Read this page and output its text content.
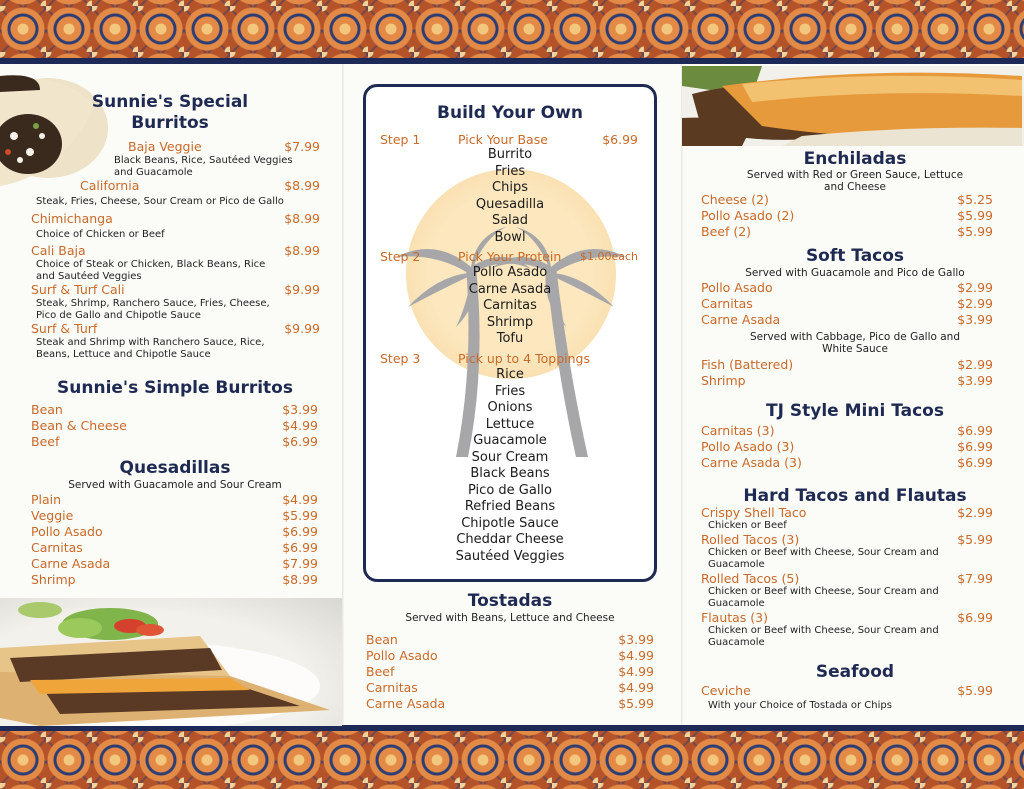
Sunnie's Special Burritos
Baja Veggie	$7.99
Black Beans, Rice, Sautéed Veggies and Guacamole
California	$8.99
Steak, Fries, Cheese, Sour Cream or Pico de Gallo
Chimichanga	$8.99
Choice of Chicken or Beef
Cali Baja	$8.99
Choice of Steak or Chicken, Black Beans, Rice and Sautéed Veggies
Surf & Turf Cali	$9.99
Steak, Shrimp, Ranchero Sauce, Fries, Cheese, Pico de Gallo and Chipotle Sauce
Surf & Turf	$9.99
Steak and Shrimp with Ranchero Sauce, Rice, Beans, Lettuce and Chipotle Sauce
Sunnie's Simple Burritos
Bean	$3.99
Bean & Cheese	$4.99
Beef	$6.99
Quesadillas
Served with Guacamole and Sour Cream
Plain	$4.99
Veggie	$5.99
Pollo Asado	$6.99
Carnitas	$6.99
Carne Asada	$7.99
Shrimp	$8.99
Build Your Own
Step 1	Pick Your Base	$6.99
Burrito
Fries
Chips
Quesadilla
Salad
Bowl
Step 2	Pick Your Protein $1.00each
Pollo Asado
Carne Asada
Carnitas
Shrimp
Tofu
Step 3	Pick up to 4 Toppings
Rice
Fries
Onions
Lettuce
Guacamole
Sour Cream
Black Beans
Pico de Gallo
Refried Beans
Chipotle Sauce
Cheddar Cheese
Sautéed Veggies
Tostadas
Served with Beans, Lettuce and Cheese
Bean	$3.99
Pollo Asado	$4.99
Beef	$4.99
Carnitas	$4.99
Carne Asada	$5.99
Enchiladas
Served with Red or Green Sauce, Lettuce and Cheese
Cheese (2)	$5.25
Pollo Asado (2)	$5.99
Beef (2)	$5.99
Soft Tacos
Served with Guacamole and Pico de Gallo
Pollo Asado	$2.99
Carnitas	$2.99
Carne Asada	$3.99
Served with Cabbage, Pico de Gallo and White Sauce
Fish (Battered)	$2.99
Shrimp	$3.99
TJ Style Mini Tacos
Carnitas (3)	$6.99
Pollo Asado (3)	$6.99
Carne Asada (3)	$6.99
Hard Tacos and Flautas
Crispy Shell Taco	$2.99
Chicken or Beef
Rolled Tacos (3)	$5.99
Chicken or Beef with Cheese, Sour Cream and Guacamole
Rolled Tacos (5)	$7.99
Chicken or Beef with Cheese, Sour Cream and Guacamole
Flautas (3)	$6.99
Chicken or Beef with Cheese, Sour Cream and Guacamole
Seafood
Ceviche	$5.99
With your Choice of Tostada or Chips
